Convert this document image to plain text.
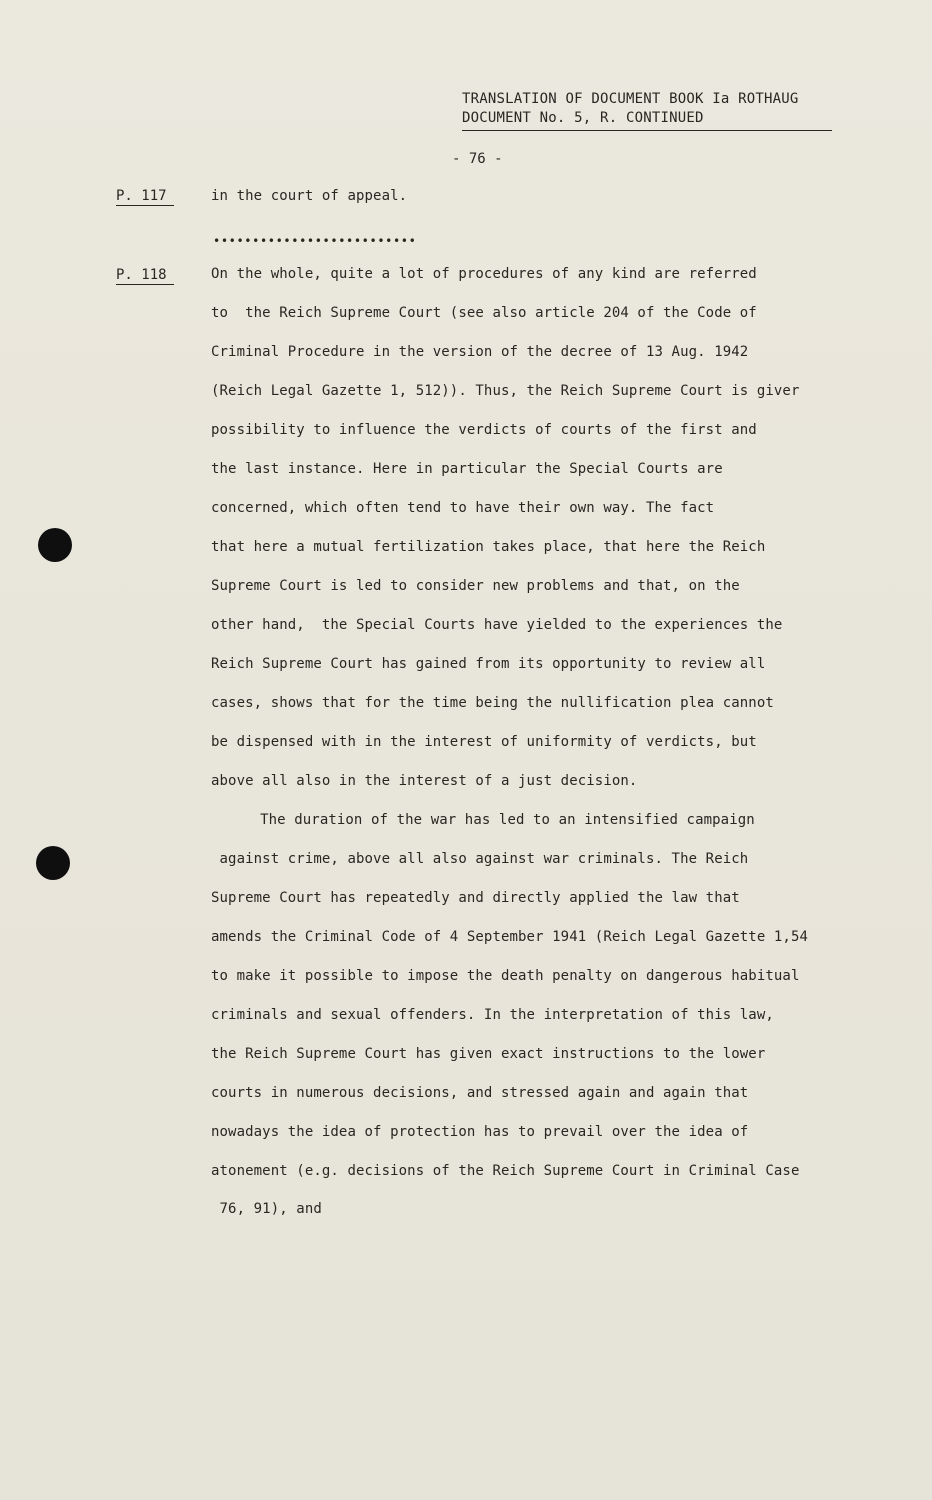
TRANSLATION OF DOCUMENT BOOK Ia ROTHAUG
DOCUMENT No. 5, R. CONTINUED
- 76 -
P. 117
P. 118
••••••••••••••••••••••••••
in the court of appeal.
On the whole, quite a lot of procedures of any kind are referred
to  the Reich Supreme Court (see also article 204 of the Code of
Criminal Procedure in the version of the decree of 13 Aug. 1942
(Reich Legal Gazette 1, 512)). Thus, the Reich Supreme Court is giver
possibility to influence the verdicts of courts of the first and
the last instance. Here in particular the Special Courts are
concerned, which often tend to have their own way. The fact
that here a mutual fertilization takes place, that here the Reich
Supreme Court is led to consider new problems and that, on the
other hand,  the Special Courts have yielded to the experiences the
Reich Supreme Court has gained from its opportunity to review all
cases, shows that for the time being the nullification plea cannot
be dispensed with in the interest of uniformity of verdicts, but
above all also in the interest of a just decision.
The duration of the war has led to an intensified campaign
against crime, above all also against war criminals. The Reich
Supreme Court has repeatedly and directly applied the law that
amends the Criminal Code of 4 September 1941 (Reich Legal Gazette 1,54
to make it possible to impose the death penalty on dangerous habitual
criminals and sexual offenders. In the interpretation of this law,
the Reich Supreme Court has given exact instructions to the lower
courts in numerous decisions, and stressed again and again that
nowadays the idea of protection has to prevail over the idea of
atonement (e.g. decisions of the Reich Supreme Court in Criminal Case
76, 91), and
